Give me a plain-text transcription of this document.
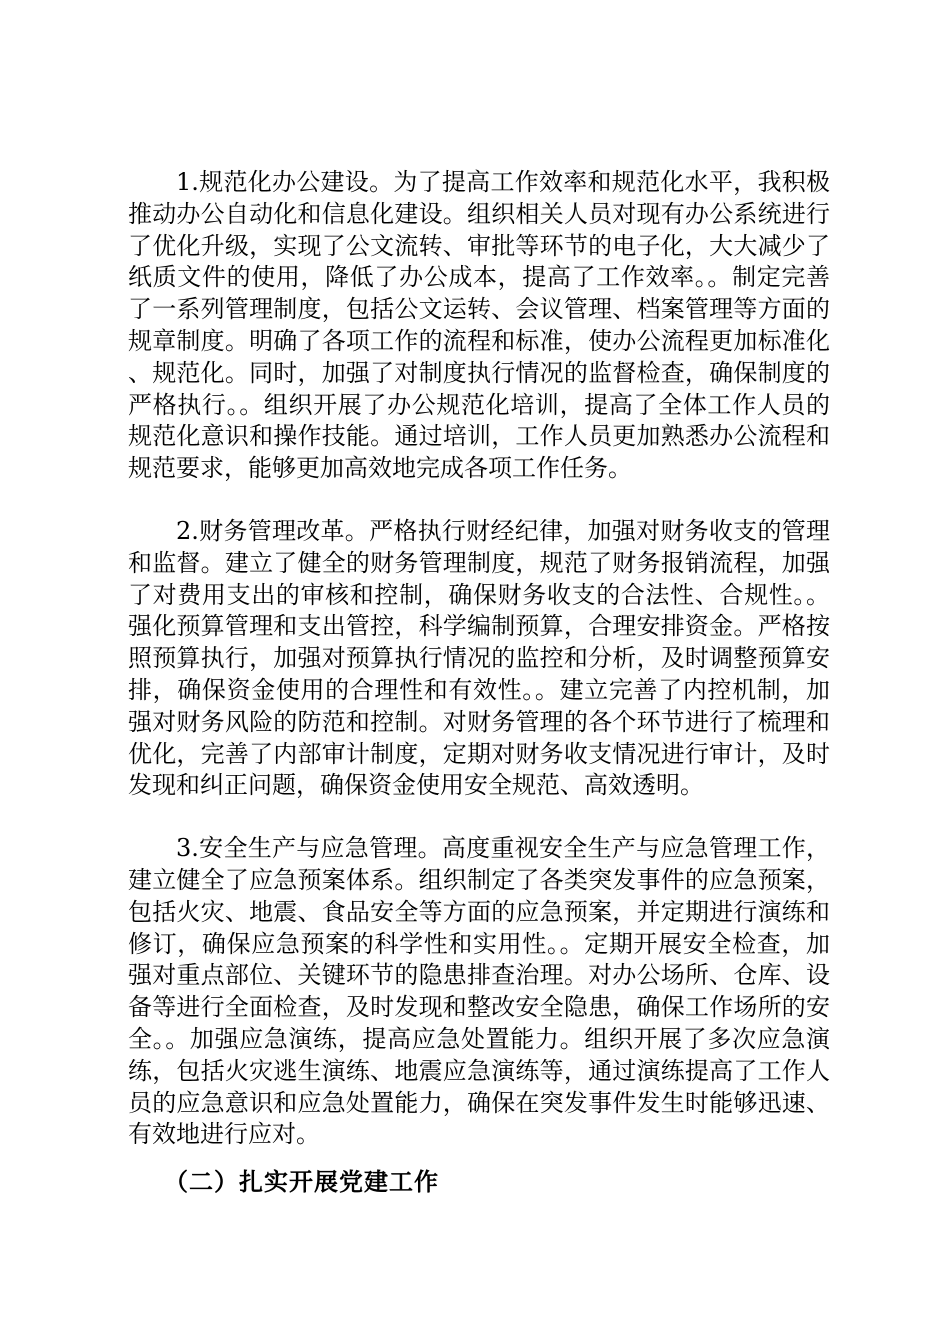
1.规范化办公建设。为了提高工作效率和规范化水平，我积极推动办公自动化和信息化建设。组织相关人员对现有办公系统进行了优化升级，实现了公文流转、审批等环节的电子化，大大减少了纸质文件的使用，降低了办公成本，提高了工作效率。。制定完善了一系列管理制度，包括公文运转、会议管理、档案管理等方面的规章制度。明确了各项工作的流程和标准，使办公流程更加标准化、规范化。同时，加强了对制度执行情况的监督检查，确保制度的严格执行。。组织开展了办公规范化培训，提高了全体工作人员的规范化意识和操作技能。通过培训，工作人员更加熟悉办公流程和规范要求，能够更加高效地完成各项工作任务。

2.财务管理改革。严格执行财经纪律，加强对财务收支的管理和监督。建立了健全的财务管理制度，规范了财务报销流程，加强了对费用支出的审核和控制，确保财务收支的合法性、合规性。。强化预算管理和支出管控，科学编制预算，合理安排资金。严格按照预算执行，加强对预算执行情况的监控和分析，及时调整预算安排，确保资金使用的合理性和有效性。。建立完善了内控机制，加强对财务风险的防范和控制。对财务管理的各个环节进行了梳理和优化，完善了内部审计制度，定期对财务收支情况进行审计，及时发现和纠正问题，确保资金使用安全规范、高效透明。

3.安全生产与应急管理。高度重视安全生产与应急管理工作，建立健全了应急预案体系。组织制定了各类突发事件的应急预案，包括火灾、地震、食品安全等方面的应急预案，并定期进行演练和修订，确保应急预案的科学性和实用性。。定期开展安全检查，加强对重点部位、关键环节的隐患排查治理。对办公场所、仓库、设备等进行全面检查，及时发现和整改安全隐患，确保工作场所的安全。。加强应急演练，提高应急处置能力。组织开展了多次应急演练，包括火灾逃生演练、地震应急演练等，通过演练提高了工作人员的应急意识和应急处置能力，确保在突发事件发生时能够迅速、有效地进行应对。

（二）扎实开展党建工作
